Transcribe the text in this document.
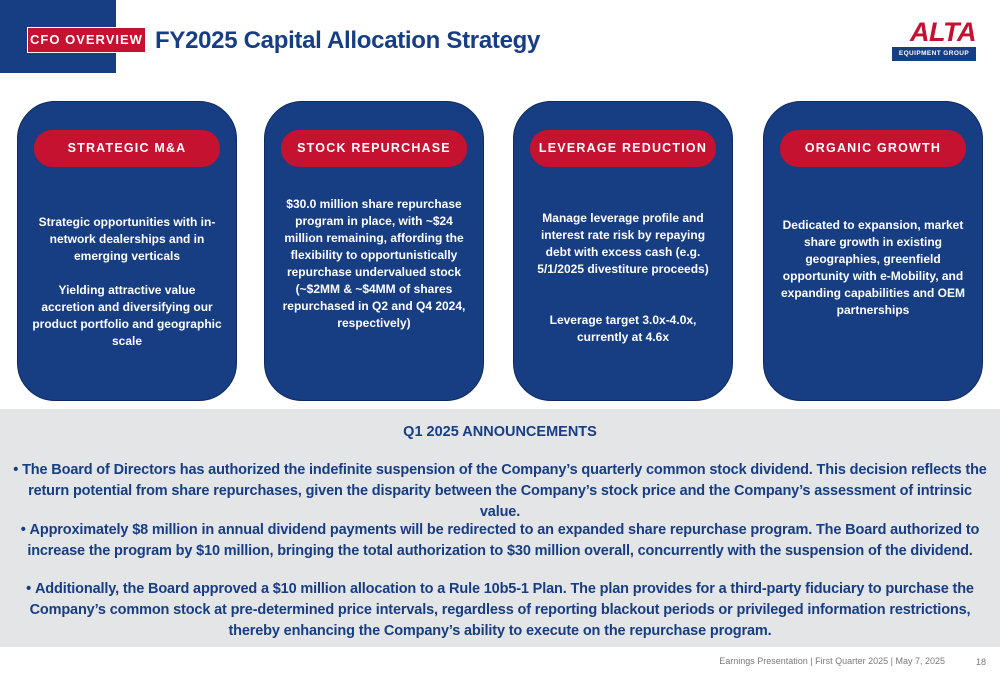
CFO OVERVIEW FY2025 Capital Allocation Strategy	ALTA
EQUIPMENT GROUP
STRATEGIC M&A
Strategic opportunities with in-network dealerships and in emerging verticals
Yielding attractive value accretion and diversifying our product portfolio and geographic scale
STOCK REPURCHASE
$30.0 million share repurchase program in place, with ~$24 million remaining, affording the flexibility to opportunistically repurchase undervalued stock (~$2MM & ~$4MM of shares repurchased in Q2 and Q4 2024, respectively)
LEVERAGE REDUCTION
Manage leverage profile and interest rate risk by repaying debt with excess cash (e.g. 5/1/2025 divestiture proceeds)
Leverage target 3.0x-4.0x, currently at 4.6x
ORGANIC GROWTH
Dedicated to expansion, market share growth in existing geographies, greenfield opportunity with e-Mobility, and expanding capabilities and OEM partnerships
Q1 2025 ANNOUNCEMENTS
• The Board of Directors has authorized the indefinite suspension of the Company’s quarterly common stock dividend. This decision reflects the return potential from share repurchases, given the disparity between the Company’s stock price and the Company’s assessment of intrinsic value.
• Approximately $8 million in annual dividend payments will be redirected to an expanded share repurchase program. The Board authorized to increase the program by $10 million, bringing the total authorization to $30 million overall, concurrently with the suspension of the dividend.
• Additionally, the Board approved a $10 million allocation to a Rule 10b5-1 Plan. The plan provides for a third-party fiduciary to purchase the Company’s common stock at pre-determined price intervals, regardless of reporting blackout periods or privileged information restrictions, thereby enhancing the Company’s ability to execute on the repurchase program.
Earnings Presentation | First Quarter 2025 | May 7, 2025	18
